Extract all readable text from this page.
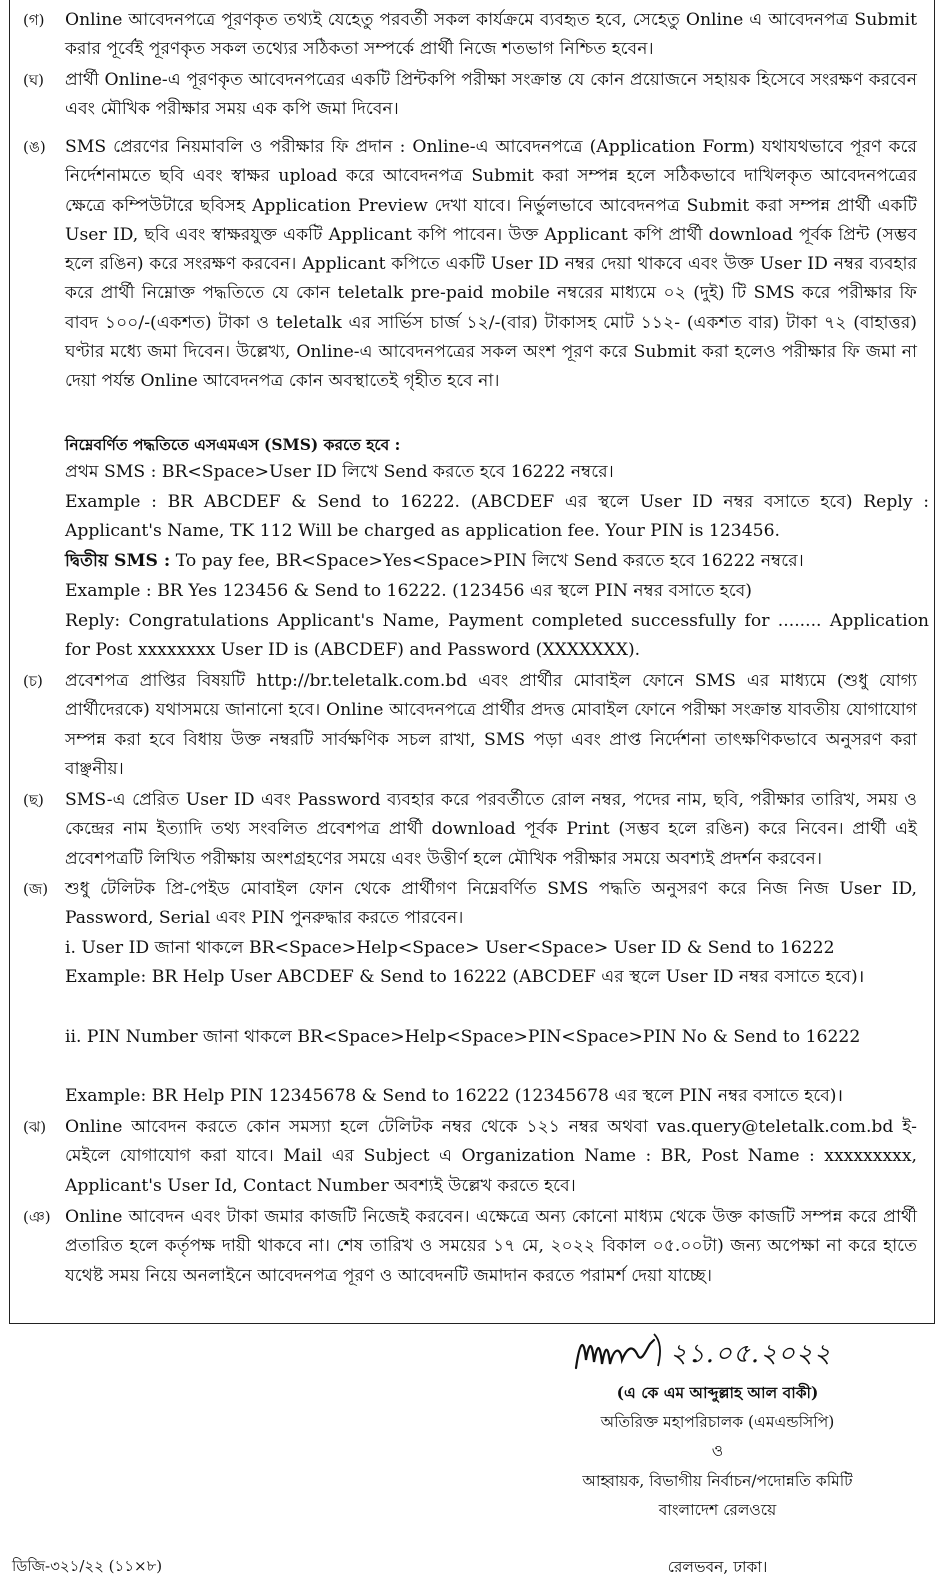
(গ)	Online আবেদনপত্রে পূরণকৃত তথ্যই যেহেতু পরবর্তী সকল কার্যক্রমে ব্যবহৃত হবে, সেহেতু Online এ আবেদনপত্র Submit করার পূর্বেই পূরণকৃত সকল তথ্যের সঠিকতা সম্পর্কে প্রার্থী নিজে শতভাগ নিশ্চিত হবেন।
(ঘ)	প্রার্থী Online-এ পূরণকৃত আবেদনপত্রের একটি প্রিন্টকপি পরীক্ষা সংক্রান্ত যে কোন প্রয়োজনে সহায়ক হিসেবে সংরক্ষণ করবেন এবং মৌখিক পরীক্ষার সময় এক কপি জমা দিবেন।
(ঙ)	SMS প্রেরণের নিয়মাবলি ও পরীক্ষার ফি প্রদান : Online-এ আবেদনপত্রে (Application Form) যথাযথভাবে পূরণ করে নির্দেশনামতে ছবি এবং স্বাক্ষর upload করে আবেদনপত্র Submit করা সম্পন্ন হলে সঠিকভাবে দাখিলকৃত আবেদনপত্রের ক্ষেত্রে কম্পিউটারে ছবিসহ Application Preview দেখা যাবে। নির্ভুলভাবে আবেদনপত্র Submit করা সম্পন্ন প্রার্থী একটি User ID, ছবি এবং স্বাক্ষরযুক্ত একটি Applicant কপি পাবেন। উক্ত Applicant কপি প্রার্থী download পূর্বক প্রিন্ট (সম্ভব হলে রঙিন) করে সংরক্ষণ করবেন। Applicant কপিতে একটি User ID নম্বর দেয়া থাকবে এবং উক্ত User ID নম্বর ব্যবহার করে প্রার্থী নিম্নোক্ত পদ্ধতিতে যে কোন teletalk pre-paid mobile নম্বরের মাধ্যমে ০২ (দুই) টি SMS করে পরীক্ষার ফি বাবদ ১০০/-(একশত) টাকা ও teletalk এর সার্ভিস চার্জ ১২/-(বার) টাকাসহ মোট ১১২- (একশত বার) টাকা ৭২ (বাহাত্তর) ঘণ্টার মধ্যে জমা দিবেন। উল্লেখ্য, Online-এ আবেদনপত্রের সকল অংশ পূরণ করে Submit করা হলেও পরীক্ষার ফি জমা না দেয়া পর্যন্ত Online আবেদনপত্র কোন অবস্থাতেই গৃহীত হবে না।
নিম্নেবর্ণিত পদ্ধতিতে এসএমএস (SMS) করতে হবে :
প্রথম SMS : BR<Space>User ID লিখে Send করতে হবে 16222 নম্বরে।
Example : BR ABCDEF & Send to 16222. (ABCDEF এর স্থলে User ID নম্বর বসাতে হবে) Reply : Applicant's Name, TK 112 Will be charged as application fee. Your PIN is 123456.
দ্বিতীয় SMS : To pay fee, BR<Space>Yes<Space>PIN লিখে Send করতে হবে 16222 নম্বরে।
Example : BR Yes 123456 & Send to 16222. (123456 এর স্থলে PIN নম্বর বসাতে হবে)
Reply: Congratulations Applicant's Name, Payment completed successfully for ........ Application for Post xxxxxxxx User ID is (ABCDEF) and Password (XXXXXXX).
(চ)	প্রবেশপত্র প্রাপ্তির বিষয়টি http://br.teletalk.com.bd এবং প্রার্থীর মোবাইল ফোনে SMS এর মাধ্যমে (শুধু যোগ্য প্রার্থীদেরকে) যথাসময়ে জানানো হবে। Online আবেদনপত্রে প্রার্থীর প্রদত্ত মোবাইল ফোনে পরীক্ষা সংক্রান্ত যাবতীয় যোগাযোগ সম্পন্ন করা হবে বিধায় উক্ত নম্বরটি সার্বক্ষণিক সচল রাখা, SMS পড়া এবং প্রাপ্ত নির্দেশনা তাৎক্ষণিকভাবে অনুসরণ করা বাঞ্ছনীয়।
(ছ)	SMS-এ প্রেরিত User ID এবং Password ব্যবহার করে পরবর্তীতে রোল নম্বর, পদের নাম, ছবি, পরীক্ষার তারিখ, সময় ও কেন্দ্রের নাম ইত্যাদি তথ্য সংবলিত প্রবেশপত্র প্রার্থী download পূর্বক Print (সম্ভব হলে রঙিন) করে নিবেন। প্রার্থী এই প্রবেশপত্রটি লিখিত পরীক্ষায় অংশগ্রহণের সময়ে এবং উত্তীর্ণ হলে মৌখিক পরীক্ষার সময়ে অবশ্যই প্রদর্শন করবেন।
(জ) শুধু টেলিটক প্রি-পেইড মোবাইল ফোন থেকে প্রার্থীগণ নিম্নেবর্ণিত SMS পদ্ধতি অনুসরণ করে নিজ নিজ User ID, Password, Serial এবং PIN পুনরুদ্ধার করতে পারবেন।
i. User ID জানা থাকলে BR<Space>Help<Space> User<Space> User ID & Send to 16222
Example: BR Help User ABCDEF & Send to 16222 (ABCDEF এর স্থলে User ID নম্বর বসাতে হবে)।
ii. PIN Number জানা থাকলে BR<Space>Help<Space>PIN<Space>PIN No & Send to 16222
Example: BR Help PIN 12345678 & Send to 16222 (12345678 এর স্থলে PIN নম্বর বসাতে হবে)।
(ঝ)	Online আবেদন করতে কোন সমস্যা হলে টেলিটক নম্বর থেকে ১২১ নম্বর অথবা vas.query@teletalk.com.bd ই-মেইলে যোগাযোগ করা যাবে। Mail এর Subject এ Organization Name : BR, Post Name : xxxxxxxxx, Applicant's User Id, Contact Number অবশ্যই উল্লেখ করতে হবে।
(ঞ) Online আবেদন এবং টাকা জমার কাজটি নিজেই করবেন। এক্ষেত্রে অন্য কোনো মাধ্যম থেকে উক্ত কাজটি সম্পন্ন করে প্রার্থী প্রতারিত হলে কর্তৃপক্ষ দায়ী থাকবে না। শেষ তারিখ ও সময়ের ১৭ মে, ২০২২ বিকাল ০৫.০০টা) জন্য অপেক্ষা না করে হাতে যথেষ্ট সময় নিয়ে অনলাইনে আবেদনপত্র পূরণ ও আবেদনটি জমাদান করতে পরামর্শ দেয়া যাচ্ছে।
২১.০৫.২০২২
(এ কে এম আব্দুল্লাহ আল বাকী)
অতিরিক্ত মহাপরিচালক (এমএন্ডসিপি)
ও
আহ্বায়ক, বিভাগীয় নির্বাচন/পদোন্নতি কমিটি
বাংলাদেশ রেলওয়ে
ডিজি-৩২১/২২ (১১×৮)	রেলভবন, ঢাকা।
